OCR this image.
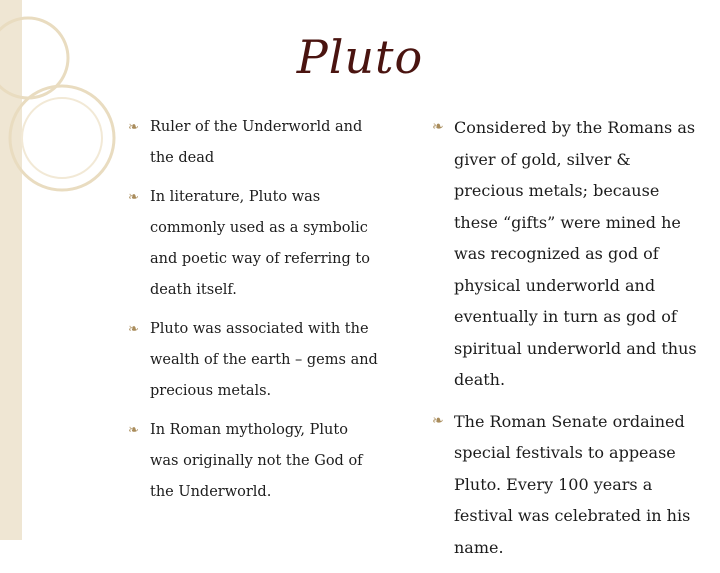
Pluto
❧ Ruler of the Underworld and the dead
❧ In literature, Pluto was commonly used as a symbolic and poetic way of referring to death itself.
❧ Pluto was associated with the wealth of the earth – gems and precious metals.
❧ In Roman mythology, Pluto was originally not the God of the Underworld.
❧ Considered by the Romans as giver of gold, silver & precious metals; because these “gifts” were mined he was recognized as god of physical underworld and eventually in turn as god of spiritual underworld and thus death.
❧ The Roman Senate ordained special festivals to appease Pluto. Every 100 years a festival was celebrated in his name.
